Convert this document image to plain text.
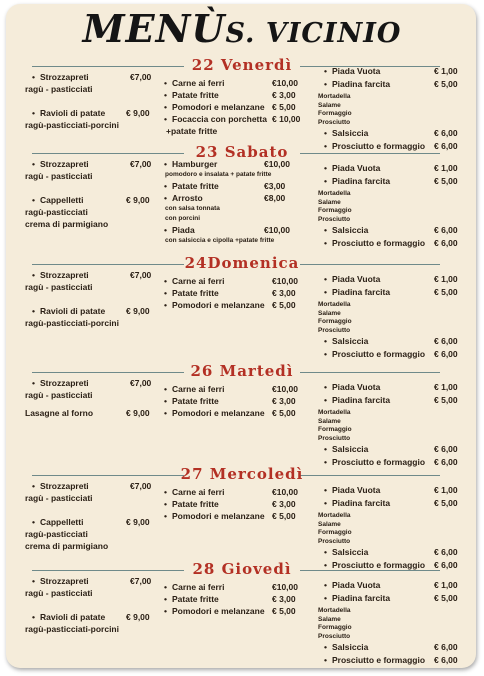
MENÙS. VICINIO
22 Venerdì
• Strozzapreti	€7,00
ragù - pasticciati
• Ravioli di patate € 9,00
ragù-pasticciati-porcini
• Carne ai ferri	€10,00
• Patate fritte	€ 3,00
• Pomodori e melanzane € 5,00
• Focaccia con porchetta € 10,00
+patate fritte
• Piada Vuota	€ 1,00
• Piadina farcita	€ 5,00
Mortadella
Salame
Formaggio
Prosciutto
• Salsiccia	€ 6,00
• Prosciutto e formaggio € 6,00
23 Sabato
• Strozzapreti	€7,00
ragù - pasticciati
• Cappelletti	€ 9,00
ragù-pasticciati
crema di parmigiano
• Hamburger	€10,00
pomodoro e insalata + patate fritte
• Patate fritte	€3,00
• Arrosto	€8,00
con salsa tonnata
con porcini
• Piada	€10,00
con salsiccia e cipolla +patate fritte
• Piada Vuota	€ 1,00
• Piadina farcita	€ 5,00
Mortadella
Salame
Formaggio
Prosciutto
• Salsiccia	€ 6,00
• Prosciutto e formaggio € 6,00
24Domenica
• Strozzapreti	€7,00
ragù - pasticciati
• Ravioli di patate € 9,00
ragù-pasticciati-porcini
• Carne ai ferri	€10,00
• Patate fritte	€ 3,00
• Pomodori e melanzane € 5,00
• Piada Vuota	€ 1,00
• Piadina farcita	€ 5,00
Mortadella
Salame
Formaggio
Prosciutto
• Salsiccia	€ 6,00
• Prosciutto e formaggio € 6,00
26 Martedì
• Strozzapreti	€7,00
ragù - pasticciati
Lasagne al forno	€ 9,00
• Carne ai ferri	€10,00
• Patate fritte	€ 3,00
• Pomodori e melanzane € 5,00
• Piada Vuota	€ 1,00
• Piadina farcita	€ 5,00
Mortadella
Salame
Formaggio
Prosciutto
• Salsiccia	€ 6,00
• Prosciutto e formaggio € 6,00
27 Mercoledì
• Strozzapreti	€7,00
ragù - pasticciati
• Cappelletti	€ 9,00
ragù-pasticciati
crema di parmigiano
• Carne ai ferri	€10,00
• Patate fritte	€ 3,00
• Pomodori e melanzane € 5,00
• Piada Vuota	€ 1,00
• Piadina farcita	€ 5,00
Mortadella
Salame
Formaggio
Prosciutto
• Salsiccia	€ 6,00
• Prosciutto e formaggio € 6,00
28 Giovedì
• Strozzapreti	€7,00
ragù - pasticciati
• Ravioli di patate € 9,00
ragù-pasticciati-porcini
• Carne ai ferri	€10,00
• Patate fritte	€ 3,00
• Pomodori e melanzane € 5,00
• Piada Vuota	€ 1,00
• Piadina farcita	€ 5,00
Mortadella
Salame
Formaggio
Prosciutto
• Salsiccia	€ 6,00
• Prosciutto e formaggio € 6,00
